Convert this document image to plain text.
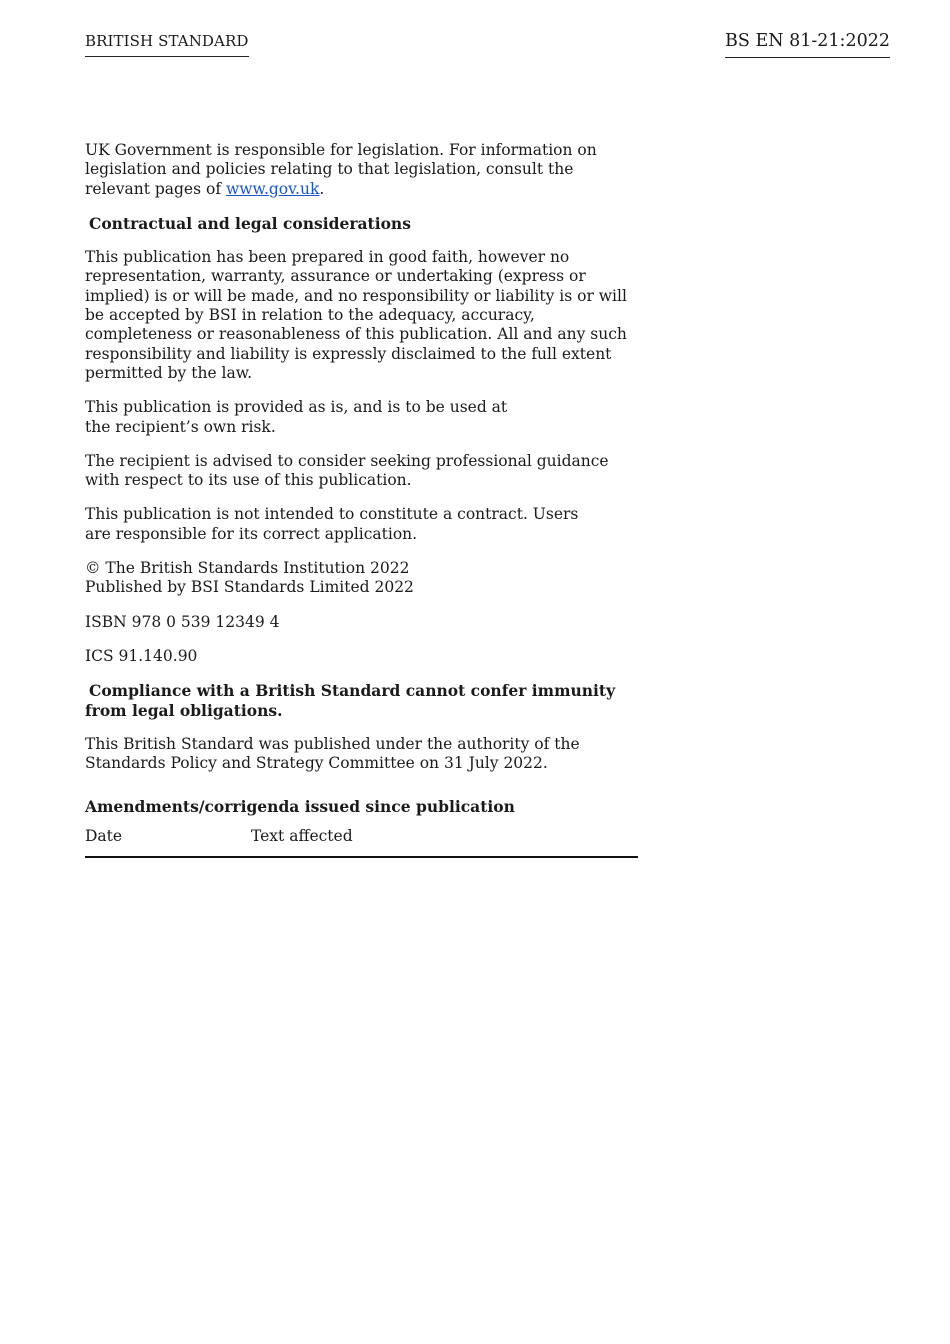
BRITISH STANDARD	BS EN 81-21:2022

UK Government is responsible for legislation. For information on legislation and policies relating to that legislation, consult the relevant pages of www.gov.uk.

Contractual and legal considerations

This publication has been prepared in good faith, however no representation, warranty, assurance or undertaking (express or implied) is or will be made, and no responsibility or liability is or will be accepted by BSI in relation to the adequacy, accuracy, completeness or reasonableness of this publication. All and any such responsibility and liability is expressly disclaimed to the full extent permitted by the law.

This publication is provided as is, and is to be used at the recipient’s own risk.

The recipient is advised to consider seeking professional guidance with respect to its use of this publication.

This publication is not intended to constitute a contract. Users are responsible for its correct application.

© The British Standards Institution 2022
Published by BSI Standards Limited 2022

ISBN 978 0 539 12349 4

ICS 91.140.90

Compliance with a British Standard cannot confer immunity from legal obligations.

This British Standard was published under the authority of the Standards Policy and Strategy Committee on 31 July 2022.

Amendments/corrigenda issued since publication
Date	Text affected
